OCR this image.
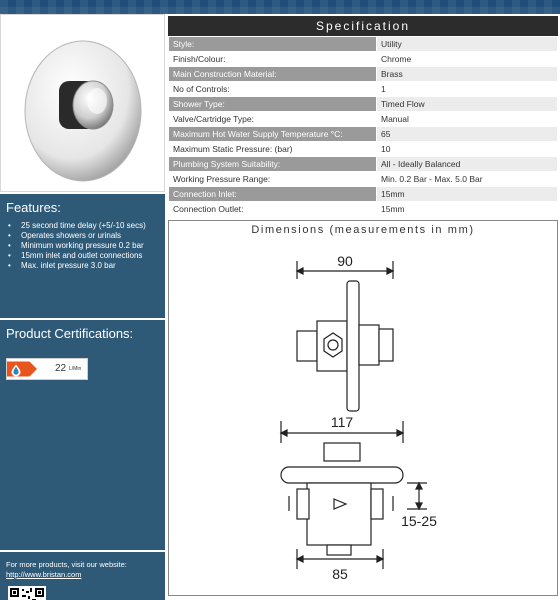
Features:
• 25 second time delay (+5/-10 secs)
• Operates showers or urinals
• Minimum working pressure 0.2 bar
• 15mm inlet and outlet connections
• Max. inlet pressure 3.0 bar
Product Certifications:
22 L/Min
For more products, visit our website:
http://www.bristan.com
Specification
Style:	Utility
Finish/Colour:	Chrome
Main Construction Material:	Brass
No of Controls:	1
Shower Type:	Timed Flow
Valve/Cartridge Type:	Manual
Maximum Hot Water Supply Temperature °C:	65
Maximum Static Pressure: (bar)	10
Plumbing System Suitability:	All - Ideally Balanced
Working Pressure Range:	Min. 0.2 Bar - Max. 5.0 Bar
Connection Inlet:	15mm
Connection Outlet:	15mm
Dimensions (measurements in mm)
90
117
15-25
85
